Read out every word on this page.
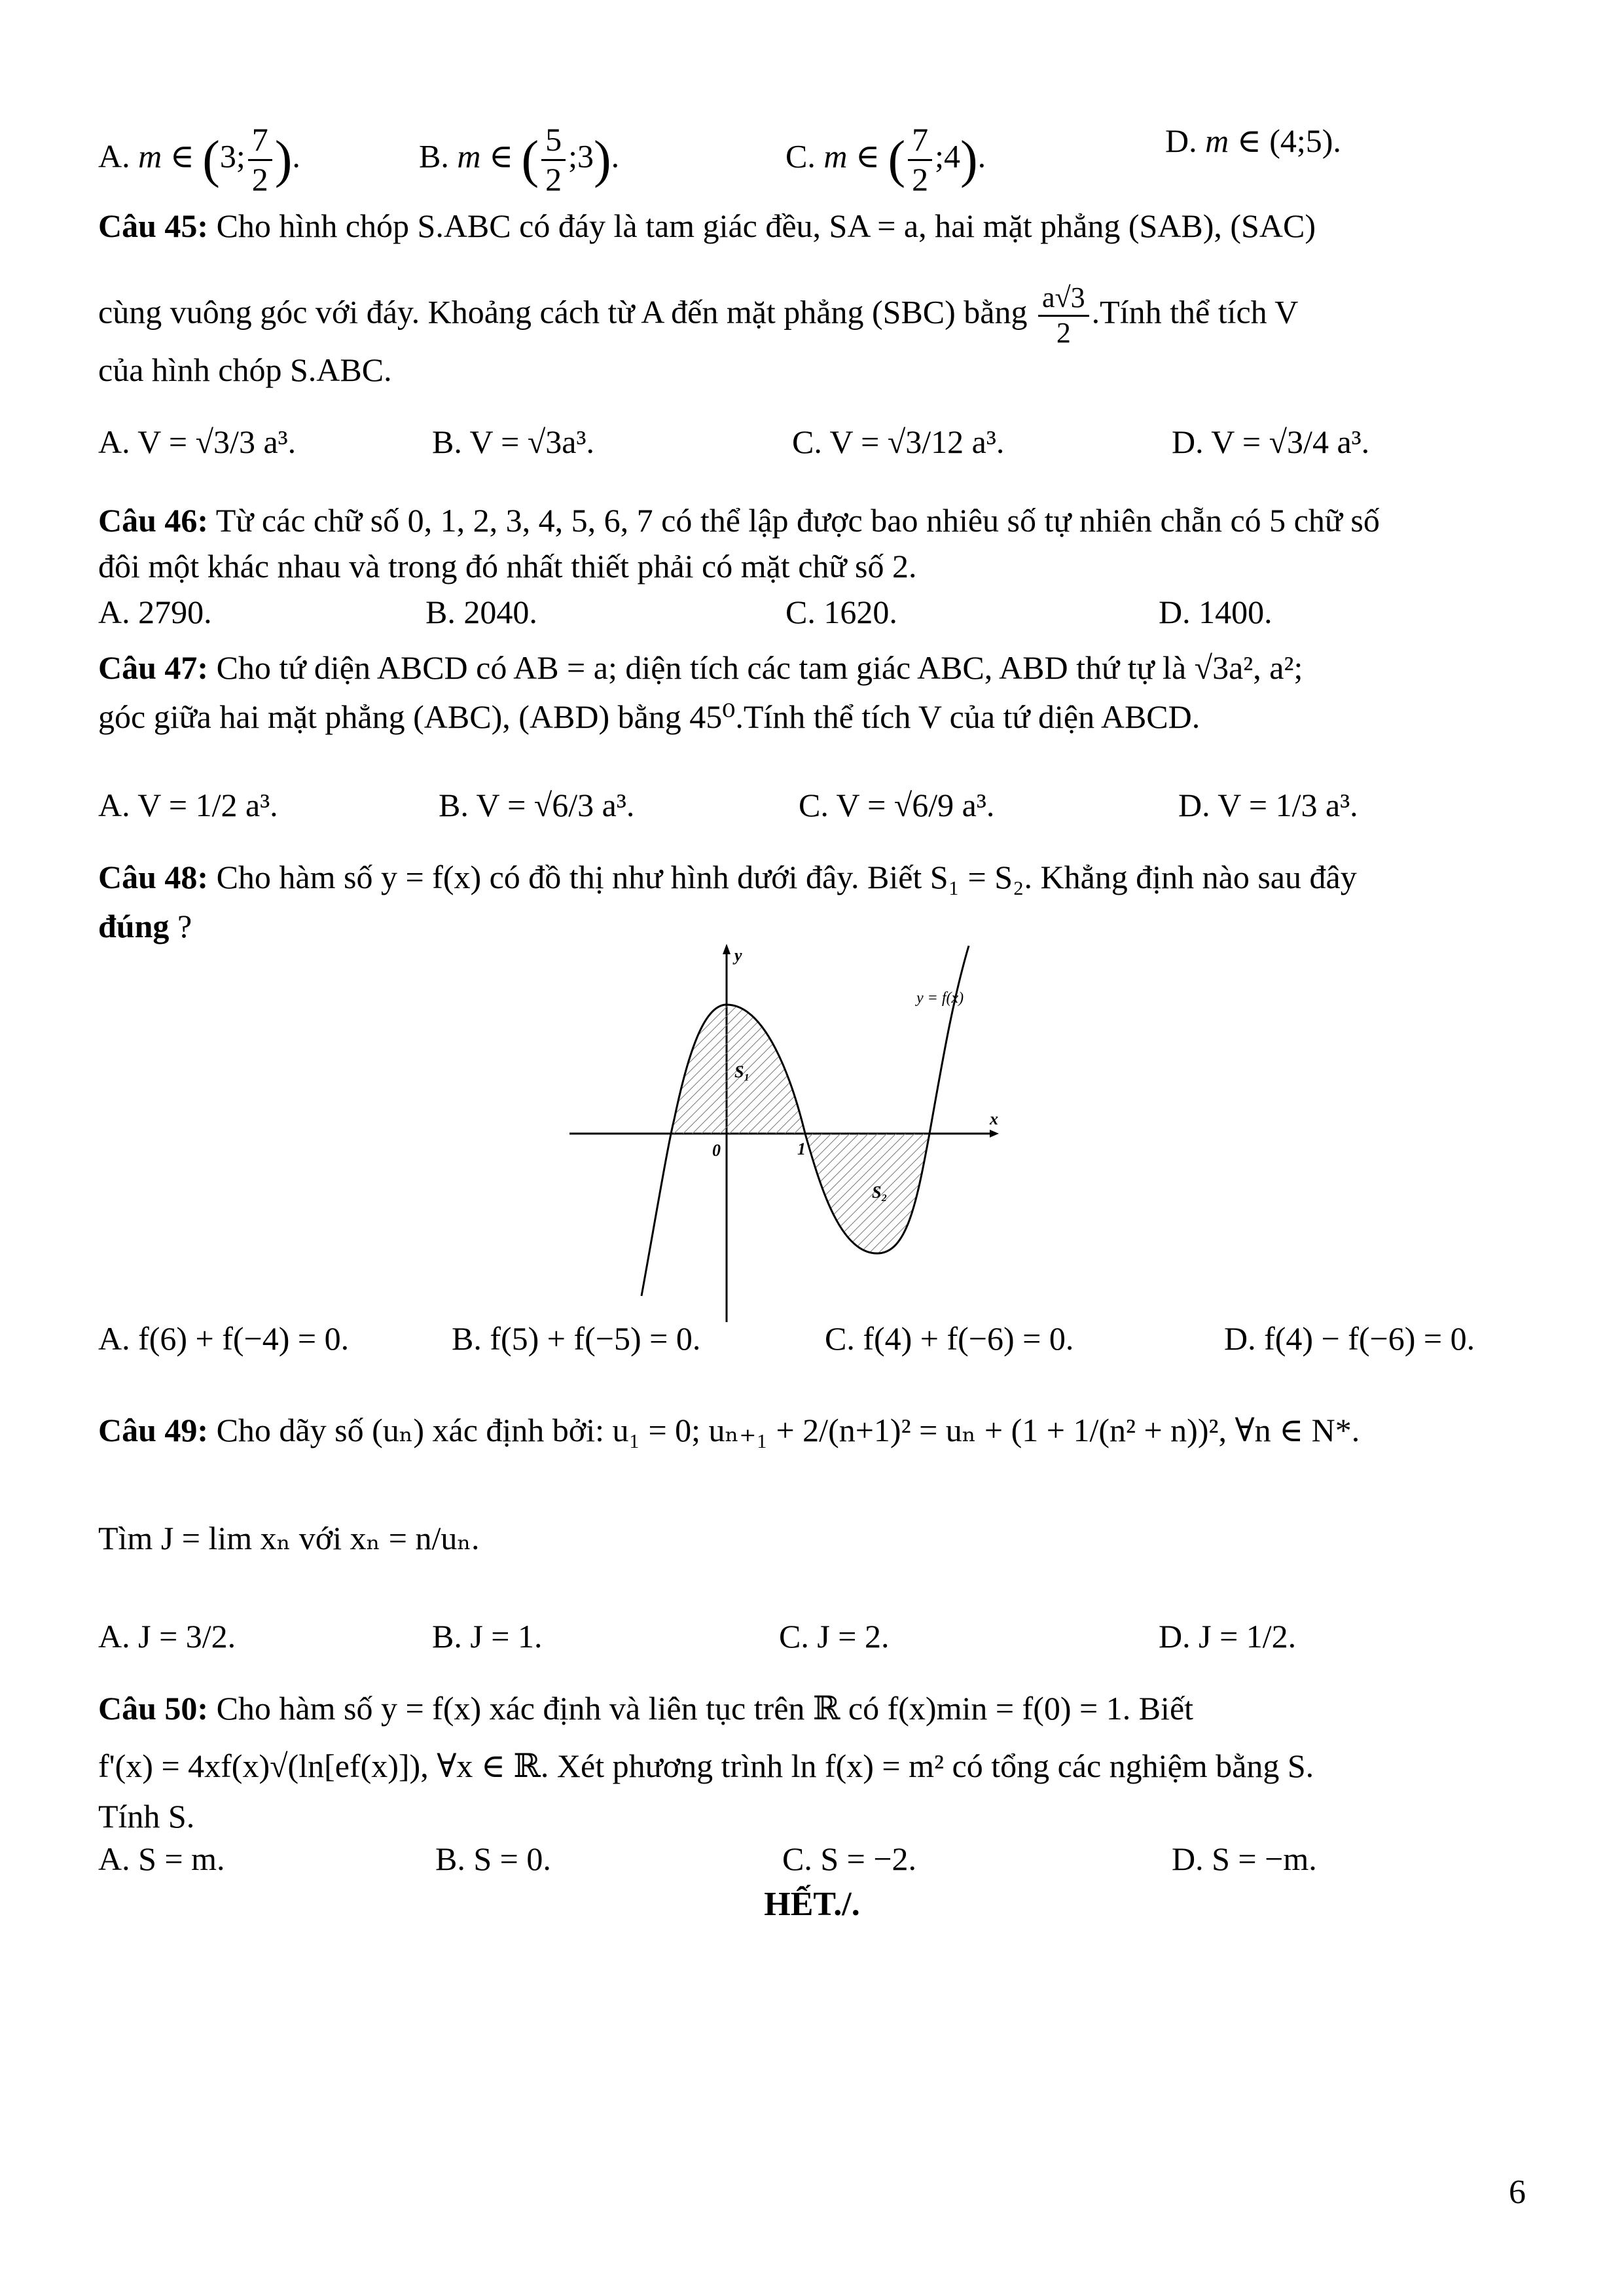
A. m ∈ (3; $\frac{7}{2}$ ).	B. m ∈ ( $\frac{5}{2}$ ;3).	C. m ∈ ( $\frac{7}{2}$ ;4).	D. m ∈ (4;5).
Câu 45: Cho hình chóp S.ABC có đáy là tam giác đều, SA = a, hai mặt phẳng (SAB), (SAC)
cùng vuông góc với đáy. Khoảng cách từ A đến mặt phẳng (SBC) bằng $\frac{a√3}{2}$ .Tính thể tích V
của hình chóp S.ABC.
A. V = √3/3 a³.	B. V = √3a³.	C. V = √3/12 a³.	D. V = √3/4 a³.
Câu 46: Từ các chữ số 0, 1, 2, 3, 4, 5, 6, 7 có thể lập được bao nhiêu số tự nhiên chẵn có 5 chữ số
đôi một khác nhau và trong đó nhất thiết phải có mặt chữ số 2.
A. 2790.	B. 2040.	C. 1620.	D. 1400.
Câu 47: Cho tứ diện ABCD có AB = a; diện tích các tam giác ABC, ABD thứ tự là √3a², a²;
góc giữa hai mặt phẳng (ABC), (ABD) bằng 45⁰.Tính thể tích V của tứ diện ABCD.
A. V = 1/2 a³.	B. V = √6/3 a³.	C. V = √6/9 a³.	D. V = 1/3 a³.
Câu 48: Cho hàm số y = f(x) có đồ thị như hình dưới đây. Biết S₁ = S₂. Khẳng định nào sau đây
đúng ?
y
x
0	1
S₁
S₂
y = f(x)
A. f(6) + f(−4) = 0.	B. f(5) + f(−5) = 0.	C. f(4) + f(−6) = 0.	D. f(4) − f(−6) = 0.
Câu 49: Cho dãy số (uₙ) xác định bởi: u₁ = 0; uₙ₊₁ + 2/(n+1)² = uₙ + (1 + 1/(n² + n))², ∀n ∈ N*.
Tìm J = lim xₙ với xₙ = n/uₙ.
A. J = 3/2.	B. J = 1.	C. J = 2.	D. J = 1/2.
Câu 50: Cho hàm số y = f(x) xác định và liên tục trên ℝ có f(x)min = f(0) = 1. Biết
f'(x) = 4xf(x)√(ln[ef(x)]), ∀x ∈ ℝ. Xét phương trình ln f(x) = m² có tổng các nghiệm bằng S.
Tính S.
A. S = m.	B. S = 0.	C. S = −2.	D. S = −m.
HẾT./.
6
